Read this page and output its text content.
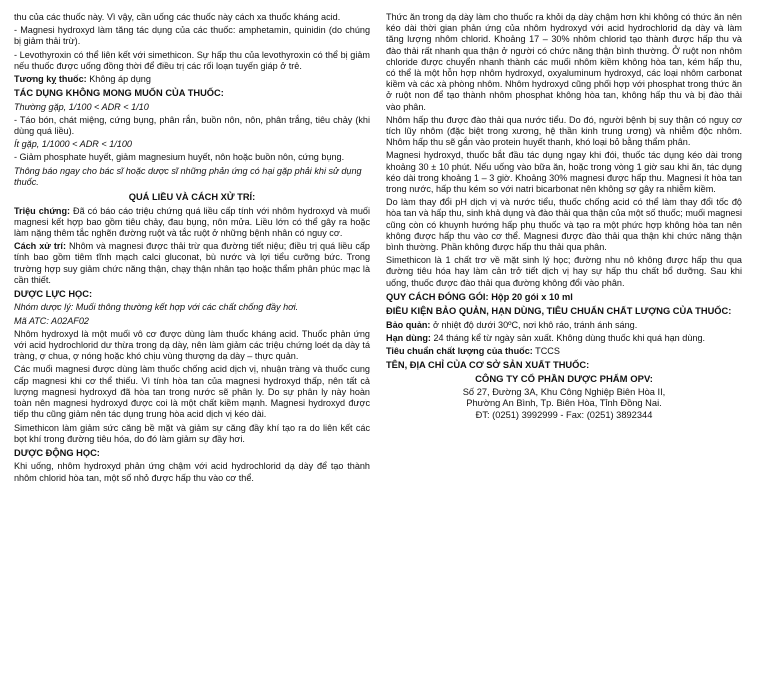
thu của các thuốc này. Vì vậy, cần uống các thuốc này cách xa thuốc kháng acid.
- Magnesi hydroxyd làm tăng tác dụng của các thuốc: amphetamin, quinidin (do chúng bị giảm thải trừ).
- Levothyroxin có thể liên kết với simethicon. Sự hấp thu của levothyroxin có thể bị giảm nếu thuốc được uống đồng thời để điều trị các rối loạn tuyến giáp ở trẻ.
Tương kỵ thuốc: Không áp dụng
TÁC DỤNG KHÔNG MONG MUỐN CỦA THUỐC:
Thường gặp, 1/100 < ADR < 1/10
- Táo bón, chát miệng, cứng bụng, phân rắn, buồn nôn, nôn, phân trắng, tiêu chảy (khi dùng quá liều).
Ít gặp, 1/1000 < ADR < 1/100
- Giảm phosphate huyết, giảm magnesium huyết, nôn hoặc buồn nôn, cứng bụng.
Thông báo ngay cho bác sĩ hoặc dược sĩ những phản ứng có hại gặp phải khi sử dụng thuốc.
QUÁ LIỀU VÀ CÁCH XỬ TRÍ:
Triệu chứng: Đã có báo cáo triệu chứng quá liều cấp tính với nhôm hydroxyd và muối magnesi kết hợp bao gồm tiêu chảy, đau bụng, nôn mửa. Liều lớn có thể gây ra hoặc làm nặng thêm tắc nghẽn đường ruột và tắc ruột ở những bệnh nhân có nguy cơ.
Cách xử trí: Nhôm và magnesi được thải trừ qua đường tiết niệu; điều trị quá liều cấp tính bao gồm tiêm tĩnh mạch calci gluconat, bù nước và lợi tiểu cưỡng bức. Trong trường hợp suy giảm chức năng thận, chạy thận nhân tạo hoặc thẩm phân phúc mạc là cần thiết.
DƯỢC LỰC HỌC:
Nhóm dược lý: Muối thông thường kết hợp với các chất chống đầy hơi.
Mã ATC: A02AF02
Nhôm hydroxyd là một muối vô cơ được dùng làm thuốc kháng acid. Thuốc phản ứng với acid hydrochlorid dư thừa trong dạ dày, nên làm giảm các triệu chứng loét dạ dày tá tràng, ợ chua, ợ nóng hoặc khó chịu vùng thượng dạ dày – thực quản.
Các muối magnesi được dùng làm thuốc chống acid dịch vị, nhuận tràng và thuốc cung cấp magnesi khi cơ thể thiếu. Vì tính hòa tan của magnesi hydroxyd thấp, nên tất cả lượng magnesi hydroxyd đã hòa tan trong nước sẽ phân ly. Do sự phân ly này hoàn toàn nên magnesi hydroxyd được coi là một chất kiềm mạnh. Magnesi hydroxyd được tiếp thu cũng giảm nên tác dụng trung hòa acid dịch vị kéo dài.
Simethicon làm giảm sức căng bề mặt và giảm sự căng đầy khí tạo ra do liên kết các bọt khí trong đường tiêu hóa, do đó làm giảm sự đầy hơi.
DƯỢC ĐỘNG HỌC:
Khi uống, nhôm hydroxyd phản ứng chậm với acid hydrochlorid dạ dày để tạo thành nhôm chlorid hòa tan, một số nhỏ được hấp thu vào cơ thể.
Thức ăn trong dạ dày làm cho thuốc ra khỏi dạ dày chậm hơn khi không có thức ăn nên kéo dài thời gian phản ứng của nhôm hydroxyd với acid hydrochlorid dạ dày và làm tăng lượng nhôm chlorid. Khoảng 17 – 30% nhôm chlorid tạo thành được hấp thu và đào thải rất nhanh qua thận ở người có chức năng thận bình thường. Ở ruột non nhôm chloride được chuyển nhanh thành các muối nhôm kiềm không hòa tan, kém hấp thu, có thể là một hỗn hợp nhôm hydroxyd, oxyaluminum hydroxyd, các loại nhôm carbonat kiềm và các xà phòng nhôm. Nhôm hydroxyd cũng phối hợp với phosphat trong thức ăn ở ruột non để tạo thành nhôm phosphat không hòa tan, không hấp thu và bị đào thải vào phân.
Nhôm hấp thu được đào thải qua nước tiểu. Do đó, người bệnh bị suy thận có nguy cơ tích lũy nhôm (đặc biệt trong xương, hệ thần kinh trung ương) và nhiễm độc nhôm. Nhôm hấp thu sẽ gắn vào protein huyết thanh, khó loại bỏ bằng thẩm phân.
Magnesi hydroxyd, thuốc bắt đầu tác dụng ngay khi đói, thuốc tác dụng kéo dài trong khoảng 30 ± 10 phút. Nếu uống vào bữa ăn, hoặc trong vòng 1 giờ sau khi ăn, tác dụng kéo dài trong khoảng 1 – 3 giờ. Khoảng 30% magnesi được hấp thu. Magnesi ít hòa tan trong nước, hấp thu kém so với natri bicarbonat nên không sợ gây ra nhiễm kiềm.
Do làm thay đổi pH dịch vị và nước tiểu, thuốc chống acid có thể làm thay đổi tốc độ hòa tan và hấp thu, sinh khả dụng và đào thải qua thận của một số thuốc; muối magnesi cũng còn có khuynh hướng hấp phụ thuốc và tạo ra một phức hợp không hòa tan nên không được hấp thu vào cơ thể. Magnesi được đào thải qua thận khi chức năng thận bình thường. Phần không được hấp thu thải qua phân.
Simethicon là 1 chất trơ về mặt sinh lý học; đường nhu nô không được hấp thu qua đường tiêu hóa hay làm cản trở tiết dịch vị hay sự hấp thu chất bổ dưỡng. Sau khi uống, thuốc được đào thải qua đường không đổi vào phân.
QUY CÁCH ĐÓNG GÓI: Hộp 20 gói x 10 ml
ĐIỀU KIỆN BẢO QUẢN, HẠN DÙNG, TIÊU CHUẨN CHẤT LƯỢNG CỦA THUỐC:
Bảo quản: ở nhiệt độ dưới 30ºC, nơi khô ráo, tránh ánh sáng.
Hạn dùng: 24 tháng kể từ ngày sản xuất. Không dùng thuốc khi quá hạn dùng.
Tiêu chuẩn chất lượng của thuốc: TCCS
TÊN, ĐỊA CHỈ CỦA CƠ SỞ SẢN XUẤT THUỐC:
CÔNG TY CỔ PHẦN DƯỢC PHẨM OPV:
Số 27, Đường 3A, Khu Công Nghiệp Biên Hòa II,
Phường An Bình, Tp. Biên Hòa, Tỉnh Đồng Nai.
ĐT: (0251) 3992999 - Fax: (0251) 3892344
